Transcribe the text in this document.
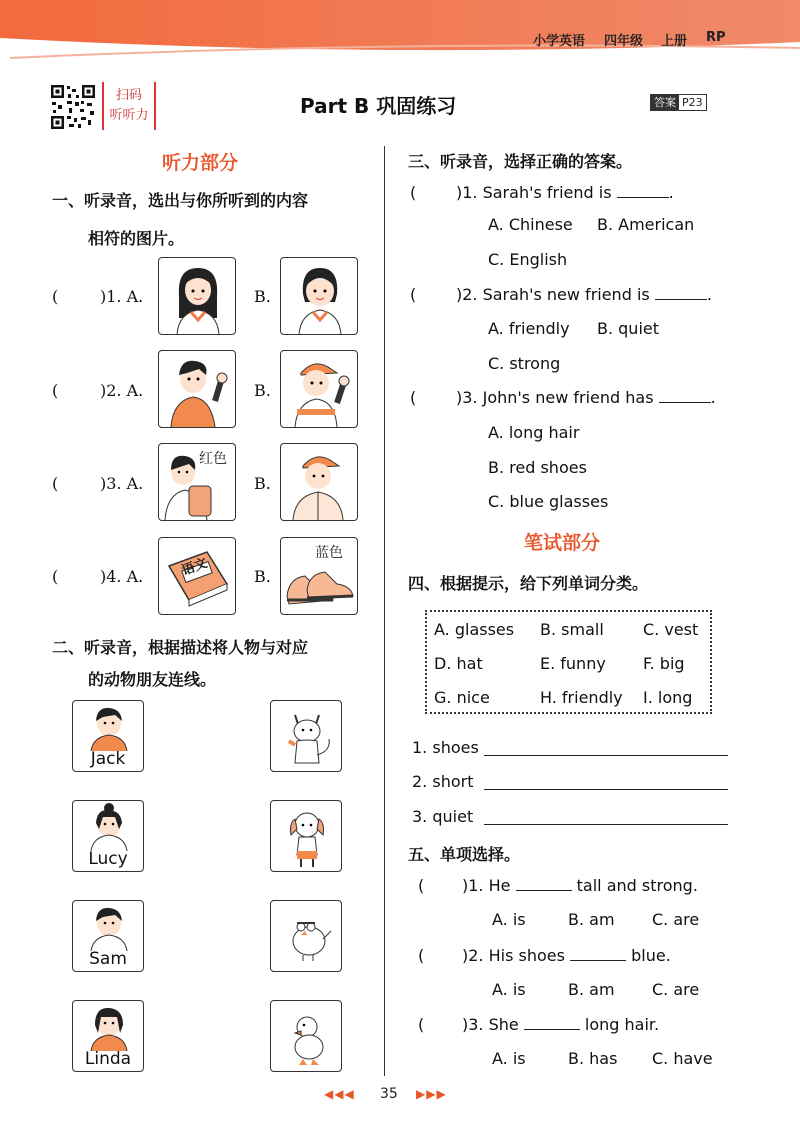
小学英语 四年级 上册 RP
扫码
听听力	Part B 巩固练习	答案 P23
听力部分
一、听录音，选出与你所听到的内容
相符的图片。
(	)1. A.	B.
(	)2. A.	B.
(	)3. A.	B.
红色
(	)4. A.	B.
语文
蓝色
二、听录音，根据描述将人物与对应
的动物朋友连线。
Jack
Lucy
Sam
Linda
三、听录音，选择正确的答案。
( )1. Sarah's friend is	.
A. Chinese B. American
C. English
( )2. Sarah's new friend is	.
A. friendly B. quiet
C. strong
( )3. John's new friend has	.
A. long hair
B. red shoes
C. blue glasses
笔试部分
四、根据提示，给下列单词分类。
A. glasses B. small C. vest
D. hat	E. funny F. big
G. nice	H. friendly I. long
1. shoes
2. short
3. quiet
五、单项选择。
( )1. He	tall and strong.
A. is	B. am C. are
( )2. His shoes	blue.
A. is	B. am C. are
( )3. She	long hair.
A. is	B. has C. have
◀◀◀ 35 ▶▶▶
